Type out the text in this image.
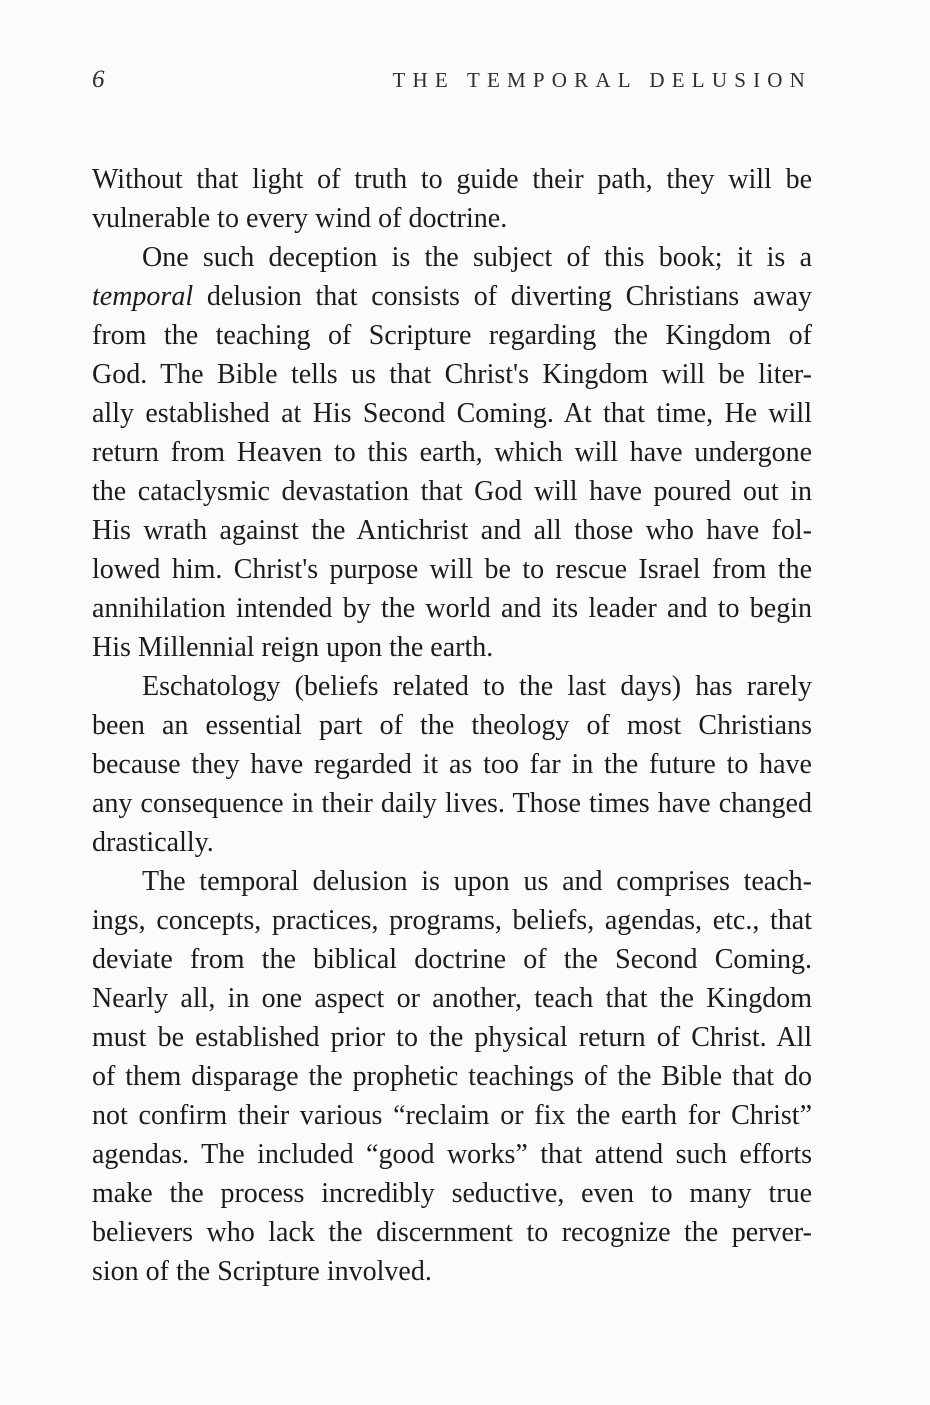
6	THE TEMPORAL DELUSION

Without that light of truth to guide their path, they will be
vulnerable to every wind of doctrine.

One such deception is the subject of this book; it is a
temporal delusion that consists of diverting Christians away
from the teaching of Scripture regarding the Kingdom of
God. The Bible tells us that Christ's Kingdom will be liter-
ally established at His Second Coming. At that time, He will
return from Heaven to this earth, which will have undergone
the cataclysmic devastation that God will have poured out in
His wrath against the Antichrist and all those who have fol-
lowed him. Christ's purpose will be to rescue Israel from the
annihilation intended by the world and its leader and to begin
His Millennial reign upon the earth.

Eschatology (beliefs related to the last days) has rarely
been an essential part of the theology of most Christians
because they have regarded it as too far in the future to have
any consequence in their daily lives. Those times have changed
drastically.

The temporal delusion is upon us and comprises teach-
ings, concepts, practices, programs, beliefs, agendas, etc., that
deviate from the biblical doctrine of the Second Coming.
Nearly all, in one aspect or another, teach that the Kingdom
must be established prior to the physical return of Christ. All
of them disparage the prophetic teachings of the Bible that do
not confirm their various “reclaim or fix the earth for Christ”
agendas. The included “good works” that attend such efforts
make the process incredibly seductive, even to many true
believers who lack the discernment to recognize the perver-
sion of the Scripture involved.
